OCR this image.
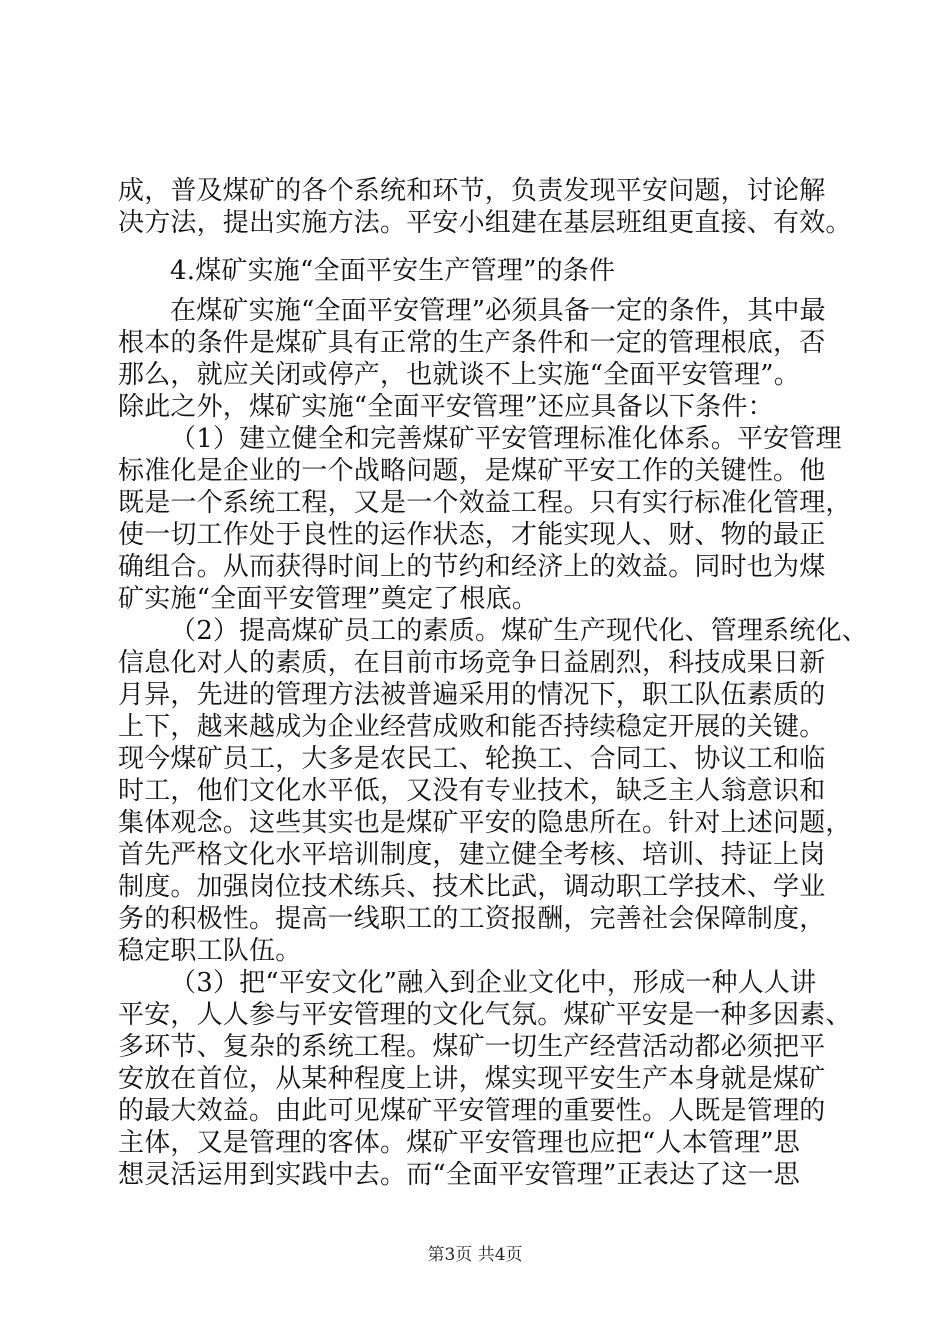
成，普及煤矿的各个系统和环节，负责发现平安问题，讨论解
决方法，提出实施方法。平安小组建在基层班组更直接、有效。
4.煤矿实施“全面平安生产管理”的条件
在煤矿实施“全面平安管理”必须具备一定的条件，其中最
根本的条件是煤矿具有正常的生产条件和一定的管理根底，否
那么，就应关闭或停产，也就谈不上实施“全面平安管理”。
除此之外，煤矿实施“全面平安管理”还应具备以下条件：
（1）建立健全和完善煤矿平安管理标准化体系。平安管理
标准化是企业的一个战略问题，是煤矿平安工作的关键性。他
既是一个系统工程，又是一个效益工程。只有实行标准化管理，
使一切工作处于良性的运作状态，才能实现人、财、物的最正
确组合。从而获得时间上的节约和经济上的效益。同时也为煤
矿实施“全面平安管理”奠定了根底。
（2）提高煤矿员工的素质。煤矿生产现代化、管理系统化、
信息化对人的素质，在目前市场竞争日益剧烈，科技成果日新
月异，先进的管理方法被普遍采用的情况下，职工队伍素质的
上下，越来越成为企业经营成败和能否持续稳定开展的关键。
现今煤矿员工，大多是农民工、轮换工、合同工、协议工和临
时工，他们文化水平低，又没有专业技术，缺乏主人翁意识和
集体观念。这些其实也是煤矿平安的隐患所在。针对上述问题，
首先严格文化水平培训制度，建立健全考核、培训、持证上岗
制度。加强岗位技术练兵、技术比武，调动职工学技术、学业
务的积极性。提高一线职工的工资报酬，完善社会保障制度，
稳定职工队伍。
（3）把“平安文化”融入到企业文化中，形成一种人人讲
平安，人人参与平安管理的文化气氛。煤矿平安是一种多因素、
多环节、复杂的系统工程。煤矿一切生产经营活动都必须把平
安放在首位，从某种程度上讲，煤实现平安生产本身就是煤矿
的最大效益。由此可见煤矿平安管理的重要性。人既是管理的
主体，又是管理的客体。煤矿平安管理也应把“人本管理”思
想灵活运用到实践中去。而“全面平安管理”正表达了这一思
第3页 共4页
